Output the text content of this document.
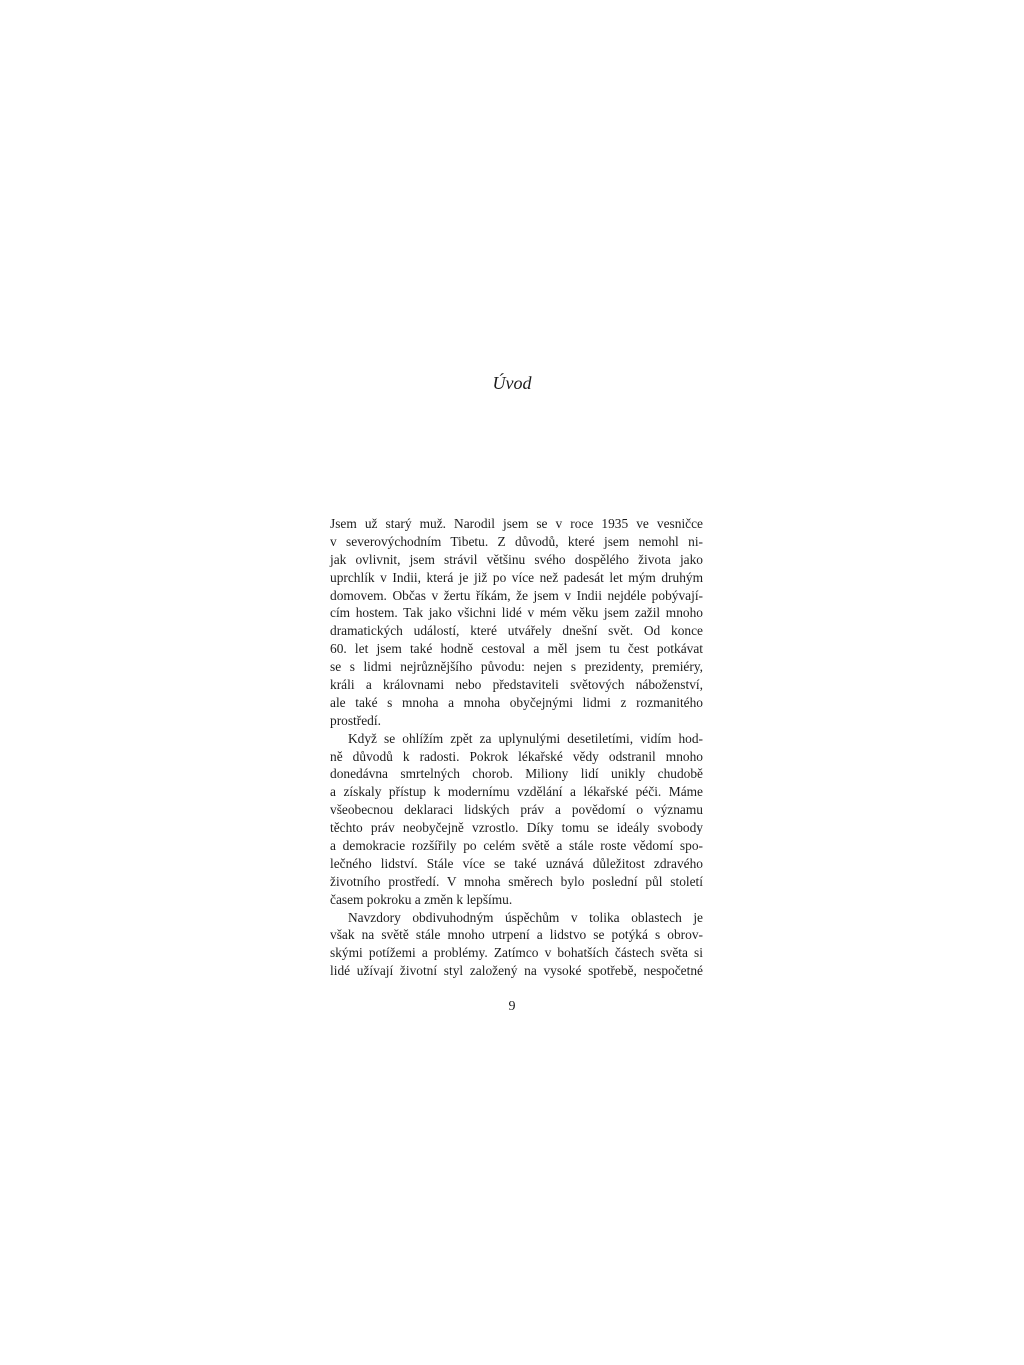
Úvod

Jsem už starý muž. Narodil jsem se v roce 1935 ve vesničce
v severovýchodním Tibetu. Z důvodů, které jsem nemohl ni-
jak ovlivnit, jsem strávil většinu svého dospělého života jako
uprchlík v Indii, která je již po více než padesát let mým druhým
domovem. Občas v žertu říkám, že jsem v Indii nejdéle pobývají-
cím hostem. Tak jako všichni lidé v mém věku jsem zažil mnoho
dramatických událostí, které utvářely dnešní svět. Od konce
60. let jsem také hodně cestoval a měl jsem tu čest potkávat
se s lidmi nejrůznějšího původu: nejen s prezidenty, premiéry,
králi a královnami nebo představiteli světových náboženství,
ale také s mnoha a mnoha obyčejnými lidmi z rozmanitého
prostředí.

Když se ohlížím zpět za uplynulými desetiletími, vidím hod-
ně důvodů k radosti. Pokrok lékařské vědy odstranil mnoho
donedávna smrtelných chorob. Miliony lidí unikly chudobě
a získaly přístup k modernímu vzdělání a lékařské péči. Máme
všeobecnou deklaraci lidských práv a povědomí o významu
těchto práv neobyčejně vzrostlo. Díky tomu se ideály svobody
a demokracie rozšířily po celém světě a stále roste vědomí spo-
lečného lidství. Stále více se také uznává důležitost zdravého
životního prostředí. V mnoha směrech bylo poslední půl století
časem pokroku a změn k lepšímu.

Navzdory obdivuhodným úspěchům v tolika oblastech je
však na světě stále mnoho utrpení a lidstvo se potýká s obrov-
skými potížemi a problémy. Zatímco v bohatších částech světa si
lidé užívají životní styl založený na vysoké spotřebě, nespočetné

9
